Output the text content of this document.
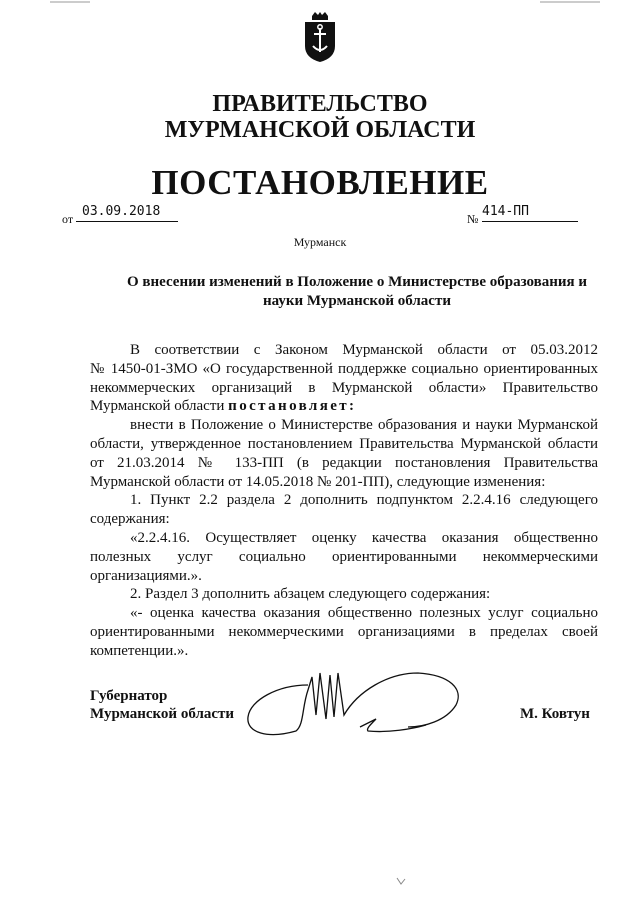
ПРАВИТЕЛЬСТВО
МУРМАНСКОЙ ОБЛАСТИ
ПОСТАНОВЛЕНИЕ
от 03.09.2018	№ 414-ПП
Мурманск
О внесении изменений в Положение о Министерстве образования и
науки Мурманской области

В соответствии с Законом Мурманской области от 05.03.2012

№ 1450-01-ЗМО «О государственной поддержке социально ориентированных

некоммерческих организаций в Мурманской области» Правительство

Мурманской области постановляет:

внести в Положение о Министерстве образования и науки Мурманской

области, утвержденное постановлением Правительства Мурманской области

от 21.03.2014 № 133-ПП (в редакции постановления Правительства

Мурманской области от 14.05.2018 № 201-ПП), следующие изменения:

1. Пункт 2.2 раздела 2 дополнить подпунктом 2.2.4.16 следующего

содержания:

«2.2.4.16. Осуществляет оценку качества оказания общественно

полезных услуг социально ориентированными некоммерческими

организациями.».

2. Раздел 3 дополнить абзацем следующего содержания:

«- оценка качества оказания общественно полезных услуг социально

ориентированными некоммерческими организациями в пределах своей

компетенции.».

Губернатор
Мурманской области	М. Ковтун
